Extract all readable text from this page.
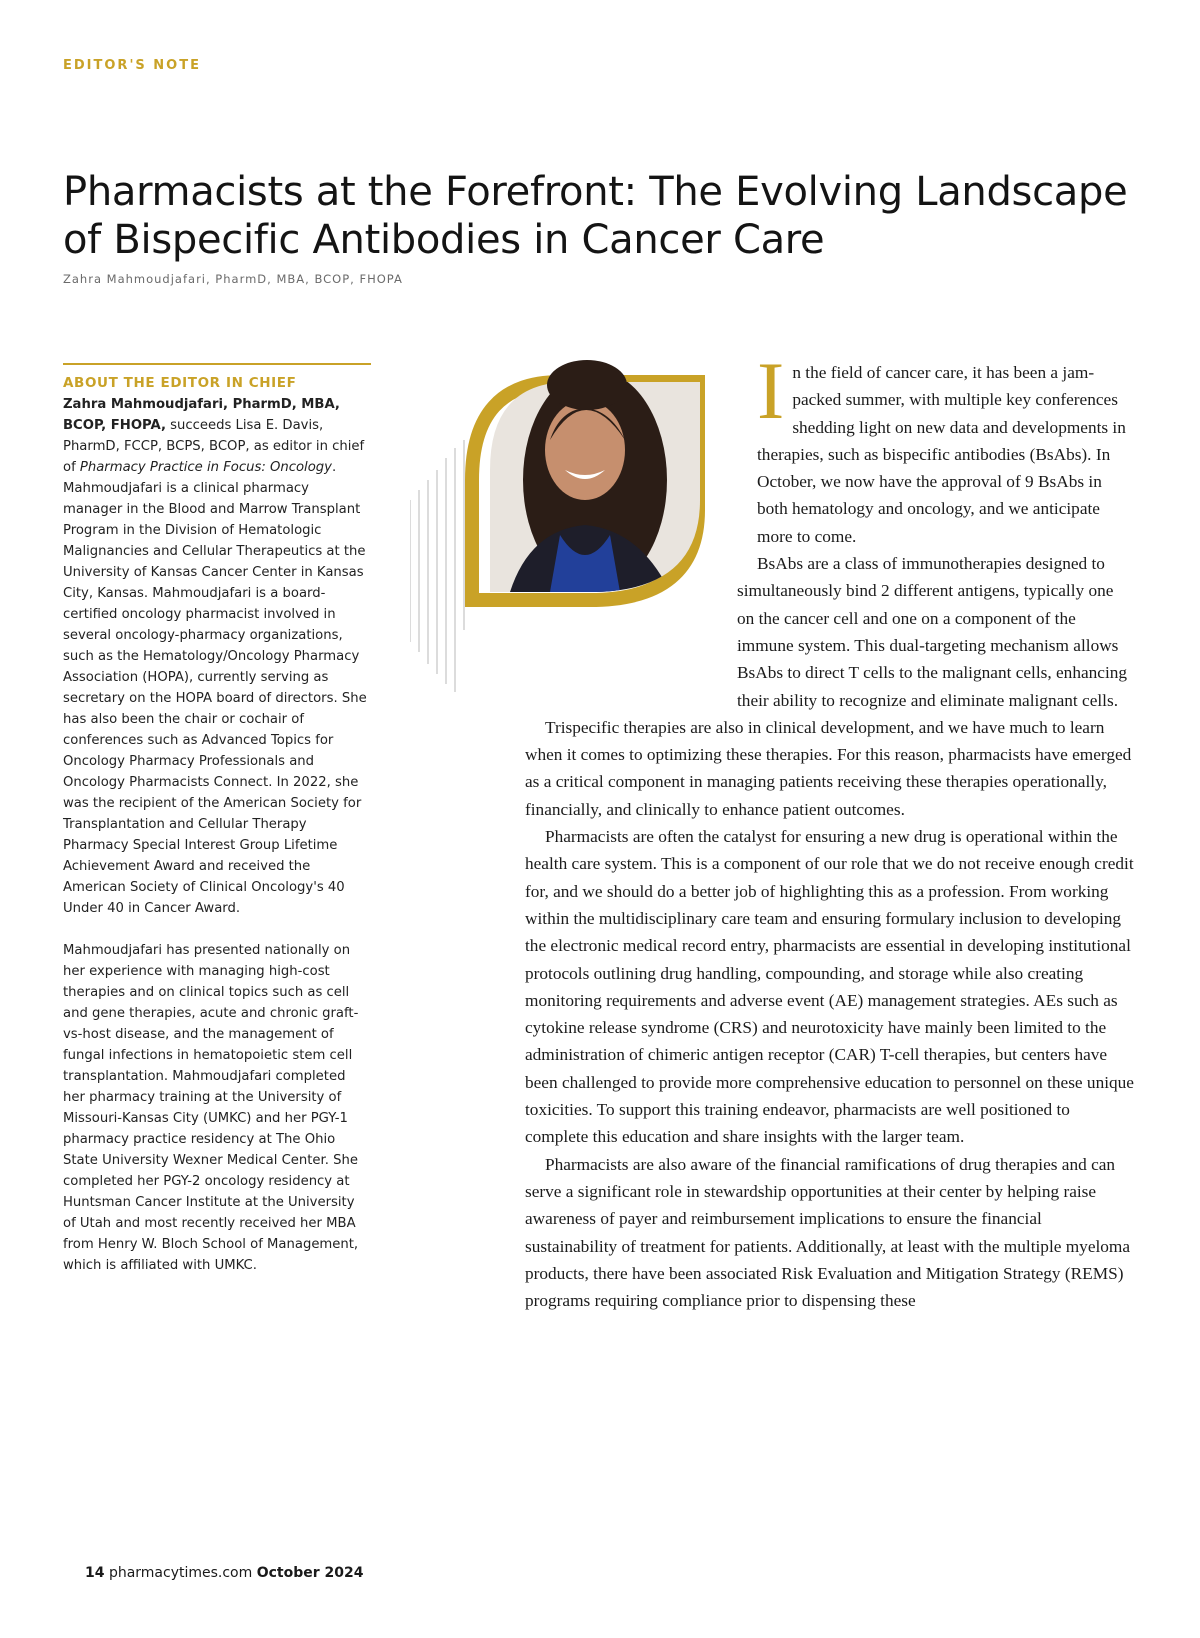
EDITOR'S NOTE
Pharmacists at the Forefront: The Evolving Landscape of Bispecific Antibodies in Cancer Care
Zahra Mahmoudjafari, PharmD, MBA, BCOP, FHOPA
ABOUT THE EDITOR IN CHIEF

Zahra Mahmoudjafari, PharmD, MBA, BCOP, FHOPA, succeeds Lisa E. Davis, PharmD, FCCP, BCPS, BCOP, as editor in chief of Pharmacy Practice in Focus: Oncology. Mahmoudjafari is a clinical pharmacy manager in the Blood and Marrow Transplant Program in the Division of Hematologic Malignancies and Cellular Therapeutics at the University of Kansas Cancer Center in Kansas City, Kansas. Mahmoudjafari is a board-certified oncology pharmacist involved in several oncology-pharmacy organizations, such as the Hematology/Oncology Pharmacy Association (HOPA), currently serving as secretary on the HOPA board of directors. She has also been the chair or cochair of conferences such as Advanced Topics for Oncology Pharmacy Professionals and Oncology Pharmacists Connect. In 2022, she was the recipient of the American Society for Transplantation and Cellular Therapy Pharmacy Special Interest Group Lifetime Achievement Award and received the American Society of Clinical Oncology's 40 Under 40 in Cancer Award.

Mahmoudjafari has presented nationally on her experience with managing high-cost therapies and on clinical topics such as cell and gene therapies, acute and chronic graft-vs-host disease, and the management of fungal infections in hematopoietic stem cell transplantation. Mahmoudjafari completed her pharmacy training at the University of Missouri-Kansas City (UMKC) and her PGY-1 pharmacy practice residency at The Ohio State University Wexner Medical Center. She completed her PGY-2 oncology residency at Huntsman Cancer Institute at the University of Utah and most recently received her MBA from Henry W. Bloch School of Management, which is affiliated with UMKC.

In the field of cancer care, it has been a jam-packed summer, with multiple key conferences shedding light on new data and developments in therapies, such as bispecific antibodies (BsAbs). In October, we now have the approval of 9 BsAbs in both hematology and oncology, and we anticipate more to come.

BsAbs are a class of immunotherapies designed to simultaneously bind 2 different antigens, typically one on the cancer cell and one on a component of the immune system. This dual-targeting mechanism allows BsAbs to direct T cells to the malignant cells, enhancing their ability to recognize and eliminate malignant cells.

Trispecific therapies are also in clinical development, and we have much to learn when it comes to optimizing these therapies. For this reason, pharmacists have emerged as a critical component in managing patients receiving these therapies operationally, financially, and clinically to enhance patient outcomes.

Pharmacists are often the catalyst for ensuring a new drug is operational within the health care system. This is a component of our role that we do not receive enough credit for, and we should do a better job of highlighting this as a profession. From working within the multidisciplinary care team and ensuring formulary inclusion to developing the electronic medical record entry, pharmacists are essential in developing institutional protocols outlining drug handling, compounding, and storage while also creating monitoring requirements and adverse event (AE) management strategies. AEs such as cytokine release syndrome (CRS) and neurotoxicity have mainly been limited to the administration of chimeric antigen receptor (CAR) T-cell therapies, but centers have been challenged to provide more comprehensive education to personnel on these unique toxicities. To support this training endeavor, pharmacists are well positioned to complete this education and share insights with the larger team.

Pharmacists are also aware of the financial ramifications of drug therapies and can serve a significant role in stewardship opportunities at their center by helping raise awareness of payer and reimbursement implications to ensure the financial sustainability of treatment for patients. Additionally, at least with the multiple myeloma products, there have been associated Risk Evaluation and Mitigation Strategy (REMS) programs requiring compliance prior to dispensing these

14 pharmacytimes.com October 2024
